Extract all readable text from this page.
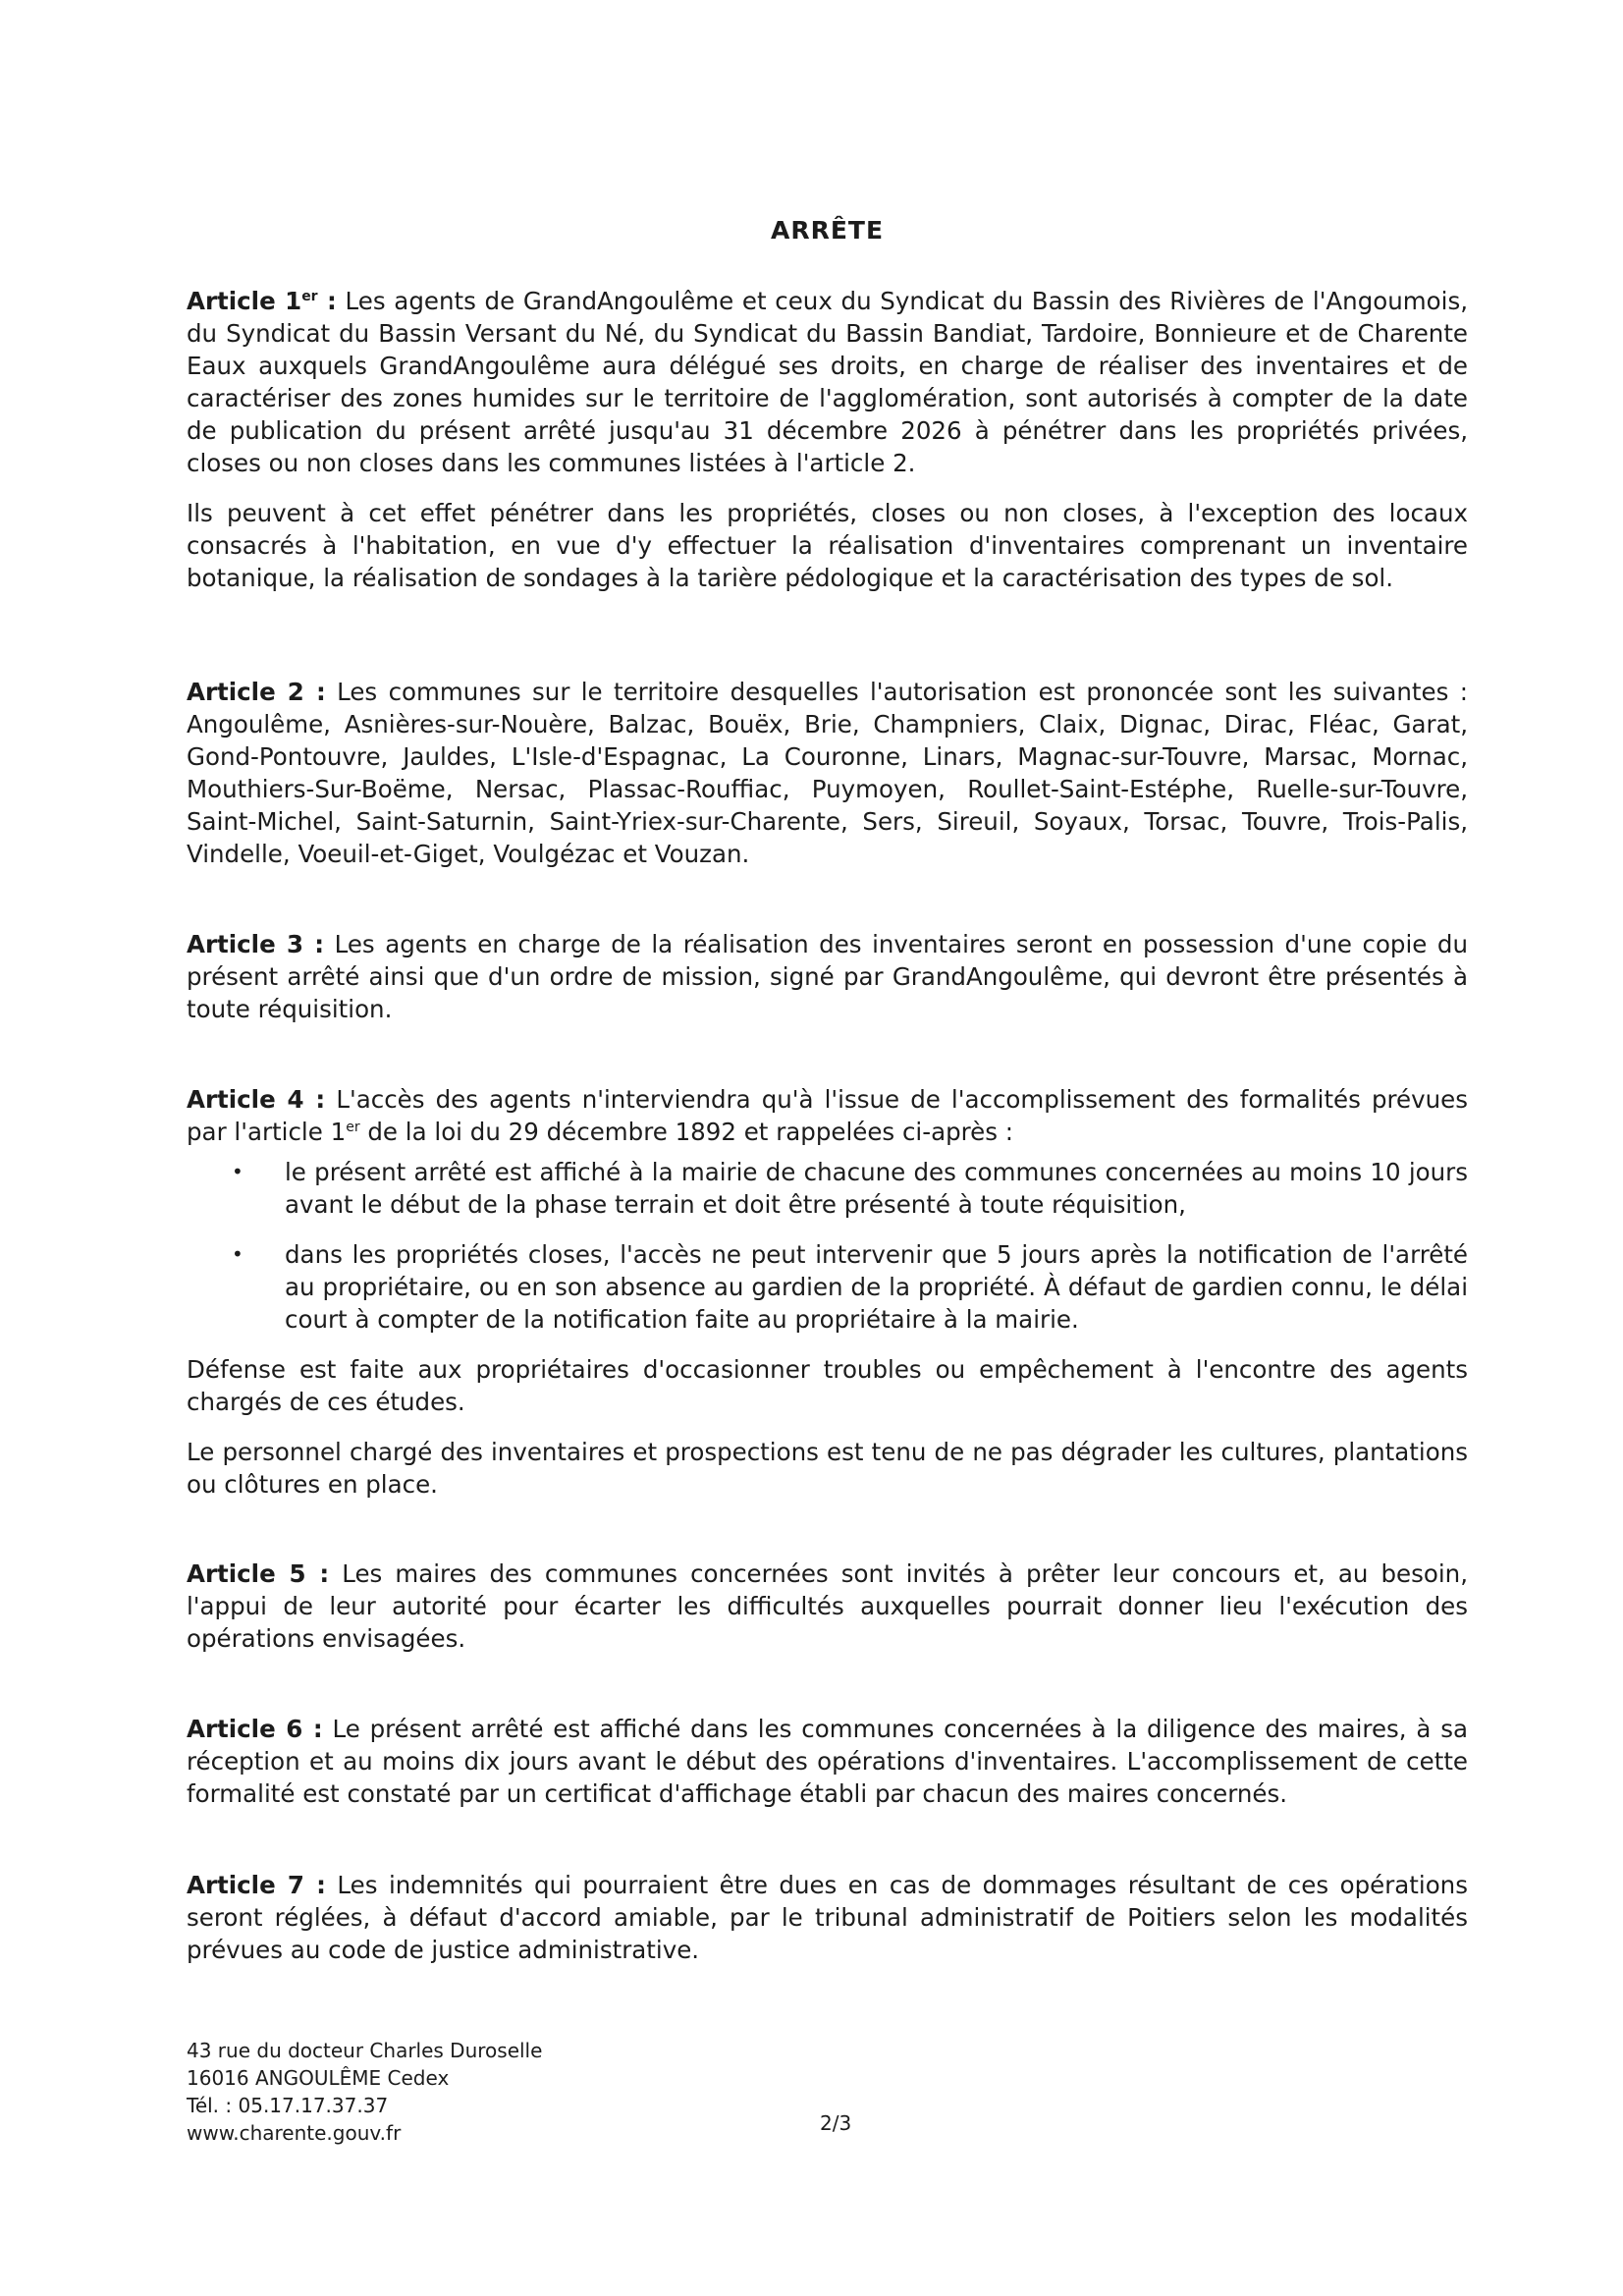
ARRÊTE

Article 1er : Les agents de GrandAngoulême et ceux du Syndicat du Bassin des Rivières de l'Angoumois, du Syndicat du Bassin Versant du Né, du Syndicat du Bassin Bandiat, Tardoire, Bonnieure et de Charente Eaux auxquels GrandAngoulême aura délégué ses droits, en charge de réaliser des inventaires et de caractériser des zones humides sur le territoire de l'agglomération, sont autorisés à compter de la date de publication du présent arrêté jusqu'au 31 décembre 2026 à pénétrer dans les propriétés privées, closes ou non closes dans les communes listées à l'article 2.

Ils peuvent à cet effet pénétrer dans les propriétés, closes ou non closes, à l'exception des locaux consacrés à l'habitation, en vue d'y effectuer la réalisation d'inventaires comprenant un inventaire botanique, la réalisation de sondages à la tarière pédologique et la caractérisation des types de sol.

Article 2 : Les communes sur le territoire desquelles l'autorisation est prononcée sont les suivantes : Angoulême, Asnières-sur-Nouère, Balzac, Bouëx, Brie, Champniers, Claix, Dignac, Dirac, Fléac, Garat, Gond-Pontouvre, Jauldes, L'Isle-d'Espagnac, La Couronne, Linars, Magnac-sur-Touvre, Marsac, Mornac, Mouthiers-Sur-Boëme, Nersac, Plassac-Rouffiac, Puymoyen, Roullet-Saint-Estéphe, Ruelle-sur-Touvre, Saint-Michel, Saint-Saturnin, Saint-Yriex-sur-Charente, Sers, Sireuil, Soyaux, Torsac, Touvre, Trois-Palis, Vindelle, Voeuil-et-Giget, Voulgézac et Vouzan.

Article 3 : Les agents en charge de la réalisation des inventaires seront en possession d'une copie du présent arrêté ainsi que d'un ordre de mission, signé par GrandAngoulême, qui devront être présentés à toute réquisition.

Article 4 : L'accès des agents n'interviendra qu'à l'issue de l'accomplissement des formalités prévues par l'article 1er de la loi du 29 décembre 1892 et rappelées ci-après :

• le présent arrêté est affiché à la mairie de chacune des communes concernées au moins 10 jours avant le début de la phase terrain et doit être présenté à toute réquisition,
• dans les propriétés closes, l'accès ne peut intervenir que 5 jours après la notification de l'arrêté au propriétaire, ou en son absence au gardien de la propriété. À défaut de gardien connu, le délai court à compter de la notification faite au propriétaire à la mairie.

Défense est faite aux propriétaires d'occasionner troubles ou empêchement à l'encontre des agents chargés de ces études.

Le personnel chargé des inventaires et prospections est tenu de ne pas dégrader les cultures, plantations ou clôtures en place.

Article 5 : Les maires des communes concernées sont invités à prêter leur concours et, au besoin, l'appui de leur autorité pour écarter les difficultés auxquelles pourrait donner lieu l'exécution des opérations envisagées.

Article 6 : Le présent arrêté est affiché dans les communes concernées à la diligence des maires, à sa réception et au moins dix jours avant le début des opérations d'inventaires. L'accomplissement de cette formalité est constaté par un certificat d'affichage établi par chacun des maires concernés.

Article 7 : Les indemnités qui pourraient être dues en cas de dommages résultant de ces opérations seront réglées, à défaut d'accord amiable, par le tribunal administratif de Poitiers selon les modalités prévues au code de justice administrative.

43 rue du docteur Charles Duroselle
16016 ANGOULÊME Cedex
Tél. : 05.17.17.37.37
www.charente.gouv.fr	2/3
